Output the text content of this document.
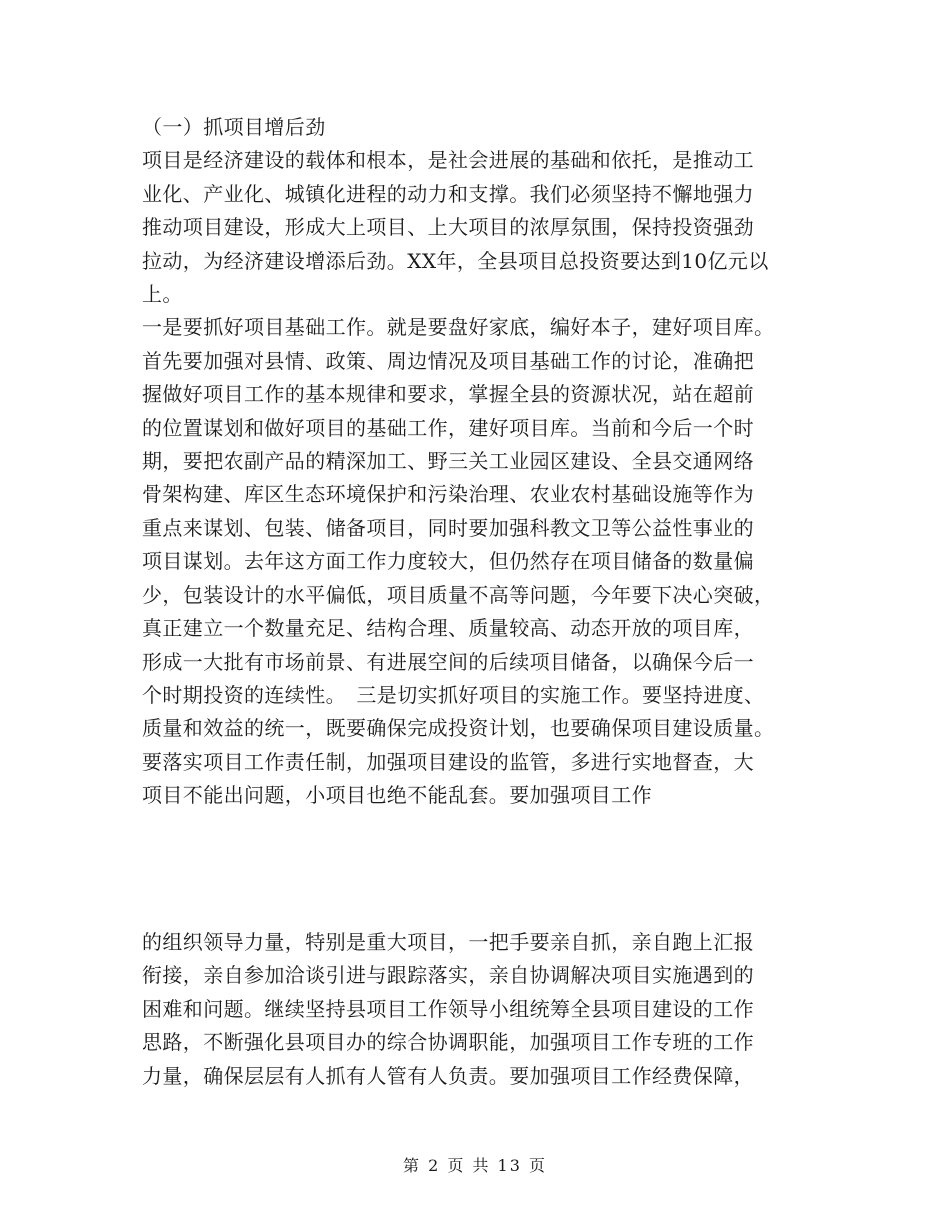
（一）抓项目增后劲
项目是经济建设的载体和根本，是社会进展的基础和依托，是推动工
业化、产业化、城镇化进程的动力和支撑。我们必须坚持不懈地强力
推动项目建设，形成大上项目、上大项目的浓厚氛围，保持投资强劲
拉动，为经济建设增添后劲。XX年，全县项目总投资要达到10亿元以
上。
一是要抓好项目基础工作。就是要盘好家底，编好本子，建好项目库。
首先要加强对县情、政策、周边情况及项目基础工作的讨论，准确把
握做好项目工作的基本规律和要求，掌握全县的资源状况，站在超前
的位置谋划和做好项目的基础工作，建好项目库。当前和今后一个时
期，要把农副产品的精深加工、野三关工业园区建设、全县交通网络
骨架构建、库区生态环境保护和污染治理、农业农村基础设施等作为
重点来谋划、包装、储备项目，同时要加强科教文卫等公益性事业的
项目谋划。去年这方面工作力度较大，但仍然存在项目储备的数量偏
少，包装设计的水平偏低，项目质量不高等问题，今年要下决心突破，
真正建立一个数量充足、结构合理、质量较高、动态开放的项目库，
形成一大批有市场前景、有进展空间的后续项目储备，以确保今后一
个时期投资的连续性。　三是切实抓好项目的实施工作。要坚持进度、
质量和效益的统一，既要确保完成投资计划，也要确保项目建设质量。
要落实项目工作责任制，加强项目建设的监管，多进行实地督查，大
项目不能出问题，小项目也绝不能乱套。要加强项目工作
的组织领导力量，特别是重大项目，一把手要亲自抓，亲自跑上汇报
衔接，亲自参加洽谈引进与跟踪落实，亲自协调解决项目实施遇到的
困难和问题。继续坚持县项目工作领导小组统筹全县项目建设的工作
思路，不断强化县项目办的综合协调职能，加强项目工作专班的工作
力量，确保层层有人抓有人管有人负责。要加强项目工作经费保障，
第 2 页 共 13 页
